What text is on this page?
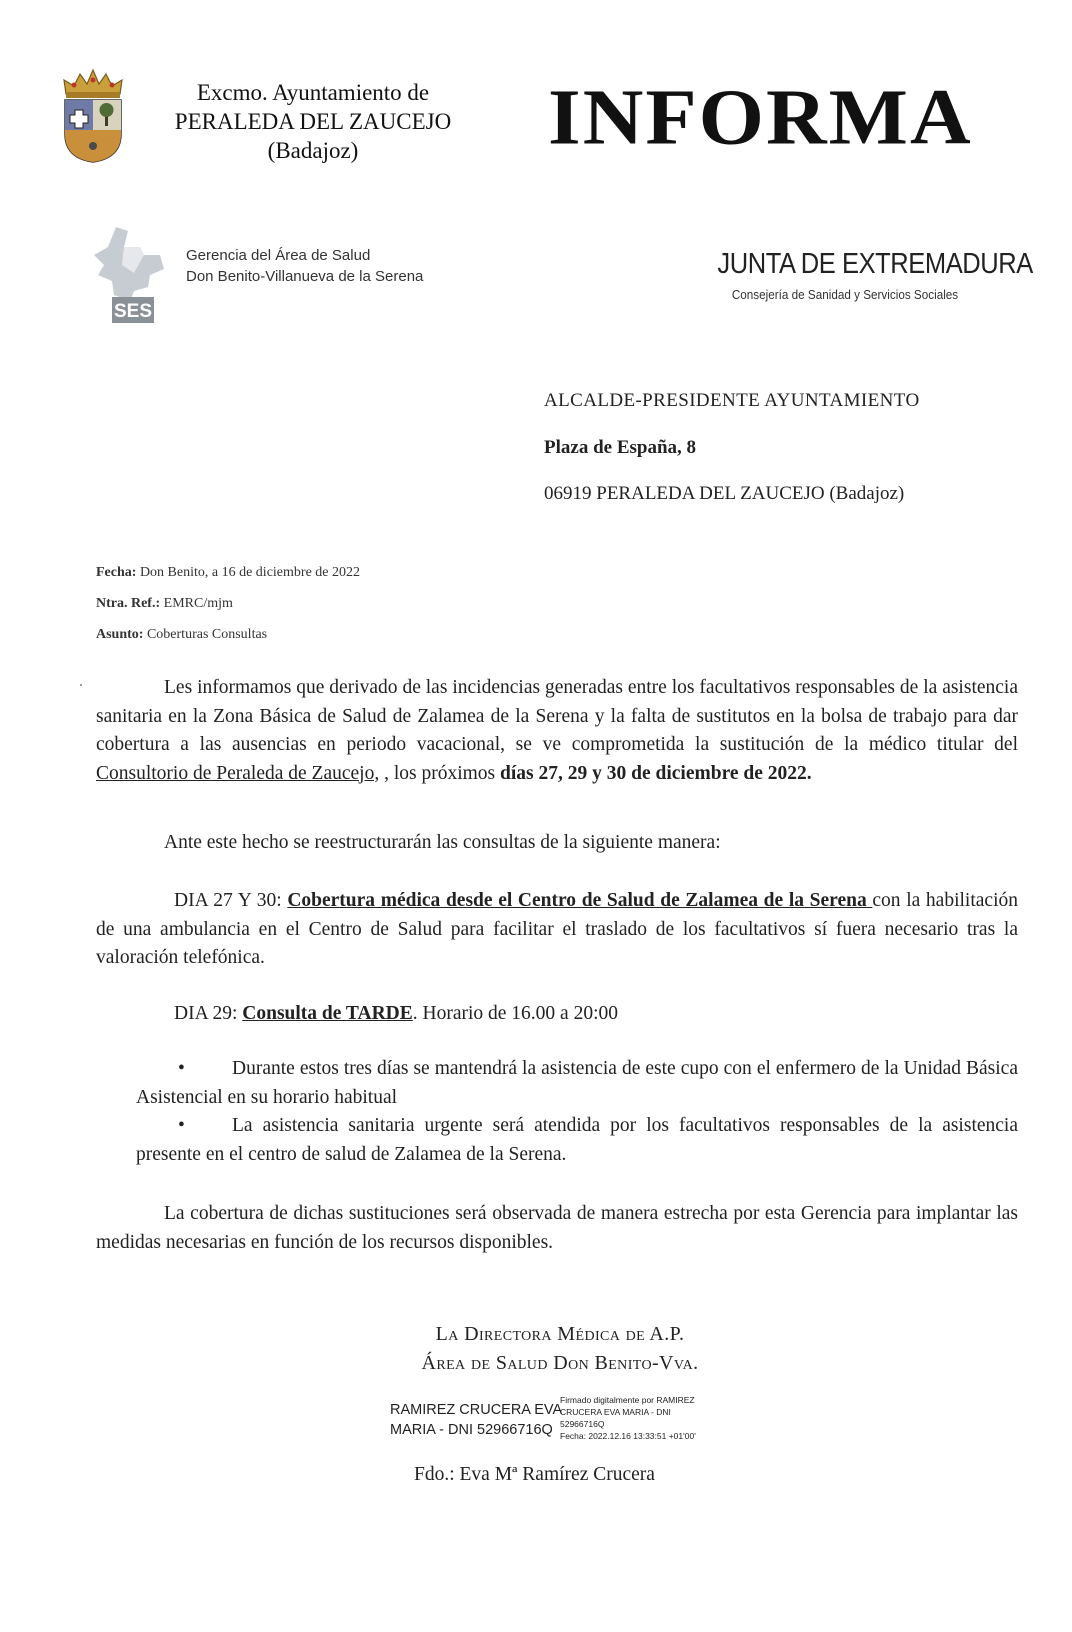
Excmo. Ayuntamiento de
PERALEDA DEL ZAUCEJO
(Badajoz)	INFORMA
SES
Gerencia del Área de Salud
Don Benito-Villanueva de la Serena	JUNTA DE EXTREMADURA
Consejería de Sanidad y Servicios Sociales
ALCALDE-PRESIDENTE AYUNTAMIENTO
Plaza de España, 8
06919 PERALEDA DEL ZAUCEJO (Badajoz)
Fecha: Don Benito, a 16 de diciembre de 2022
Ntra. Ref.: EMRC/mjm
Asunto: Coberturas Consultas
Les informamos que derivado de las incidencias generadas entre los facultativos responsables de la asistencia sanitaria en la Zona Básica de Salud de Zalamea de la Serena y la falta de sustitutos en la bolsa de trabajo para dar cobertura a las ausencias en periodo vacacional, se ve comprometida la sustitución de la médico titular del Consultorio de Peraleda de Zaucejo, , los próximos días 27, 29 y 30 de diciembre de 2022.
Ante este hecho se reestructurarán las consultas de la siguiente manera:
DIA 27 Y 30: Cobertura médica desde el Centro de Salud de Zalamea de la Serena con la habilitación de una ambulancia en el Centro de Salud para facilitar el traslado de los facultativos sí fuera necesario tras la valoración telefónica.
DIA 29: Consulta de TARDE. Horario de 16.00 a 20:00
• Durante estos tres días se mantendrá la asistencia de este cupo con el enfermero de la Unidad Básica Asistencial en su horario habitual
• La asistencia sanitaria urgente será atendida por los facultativos responsables de la asistencia presente en el centro de salud de Zalamea de la Serena.
La cobertura de dichas sustituciones será observada de manera estrecha por esta Gerencia para implantar las medidas necesarias en función de los recursos disponibles.
La Directora Médica de A.P.
Área de Salud Don Benito-Vva.
RAMIREZ CRUCERA EVA
MARIA - DNI 52966716Q
Firmado digitalmente por RAMIREZ
CRUCERA EVA MARIA - DNI
52966716Q
Fecha: 2022.12.16 13:33:51 +01'00'
Fdo.: Eva Mª Ramírez Crucera
